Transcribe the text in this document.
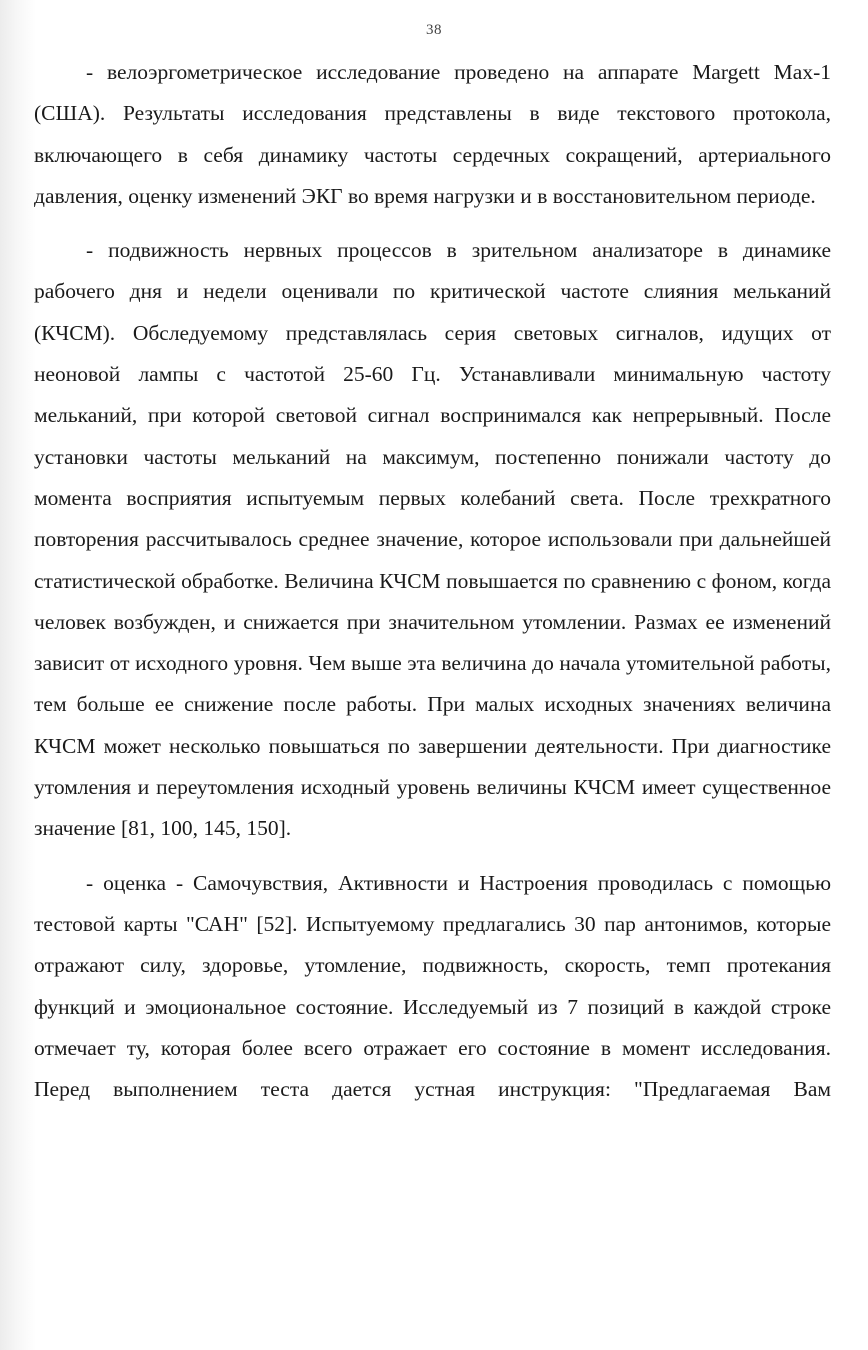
38

- велоэргометрическое исследование проведено на аппарате Margett Max-1 (США). Результаты исследования представлены в виде текстового протокола, включающего в себя динамику частоты сердечных сокращений, артериального давления, оценку изменений ЭКГ во время нагрузки и в восстановительном периоде.

- подвижность нервных процессов в зрительном анализаторе в динамике рабочего дня и недели оценивали по критической частоте слияния мельканий (КЧСМ). Обследуемому представлялась серия световых сигналов, идущих от неоновой лампы с частотой 25-60 Гц. Устанавливали минимальную частоту мельканий, при которой световой сигнал воспринимался как непрерывный. После установки частоты мельканий на максимум, постепенно понижали частоту до момента восприятия испытуемым первых колебаний света. После трехкратного повторения рассчитывалось среднее значение, которое использовали при дальнейшей статистической обработке. Величина КЧСМ повышается по сравнению с фоном, когда человек возбужден, и снижается при значительном утомлении. Размах ее изменений зависит от исходного уровня. Чем выше эта величина до начала утомительной работы, тем больше ее снижение после работы. При малых исходных значениях величина КЧСМ может несколько повышаться по завершении деятельности. При диагностике утомления и переутомления исходный уровень величины КЧСМ имеет существенное значение [81, 100, 145, 150].

- оценка - Самочувствия, Активности и Настроения проводилась с помощью тестовой карты "САН" [52]. Испытуемому предлагались 30 пар антонимов, которые отражают силу, здоровье, утомление, подвижность, скорость, темп протекания функций и эмоциональное состояние. Исследуемый из 7 позиций в каждой строке отмечает ту, которая более всего отражает его состояние в момент исследования. Перед выполнением теста дается устная инструкция: "Предлагаемая Вам
